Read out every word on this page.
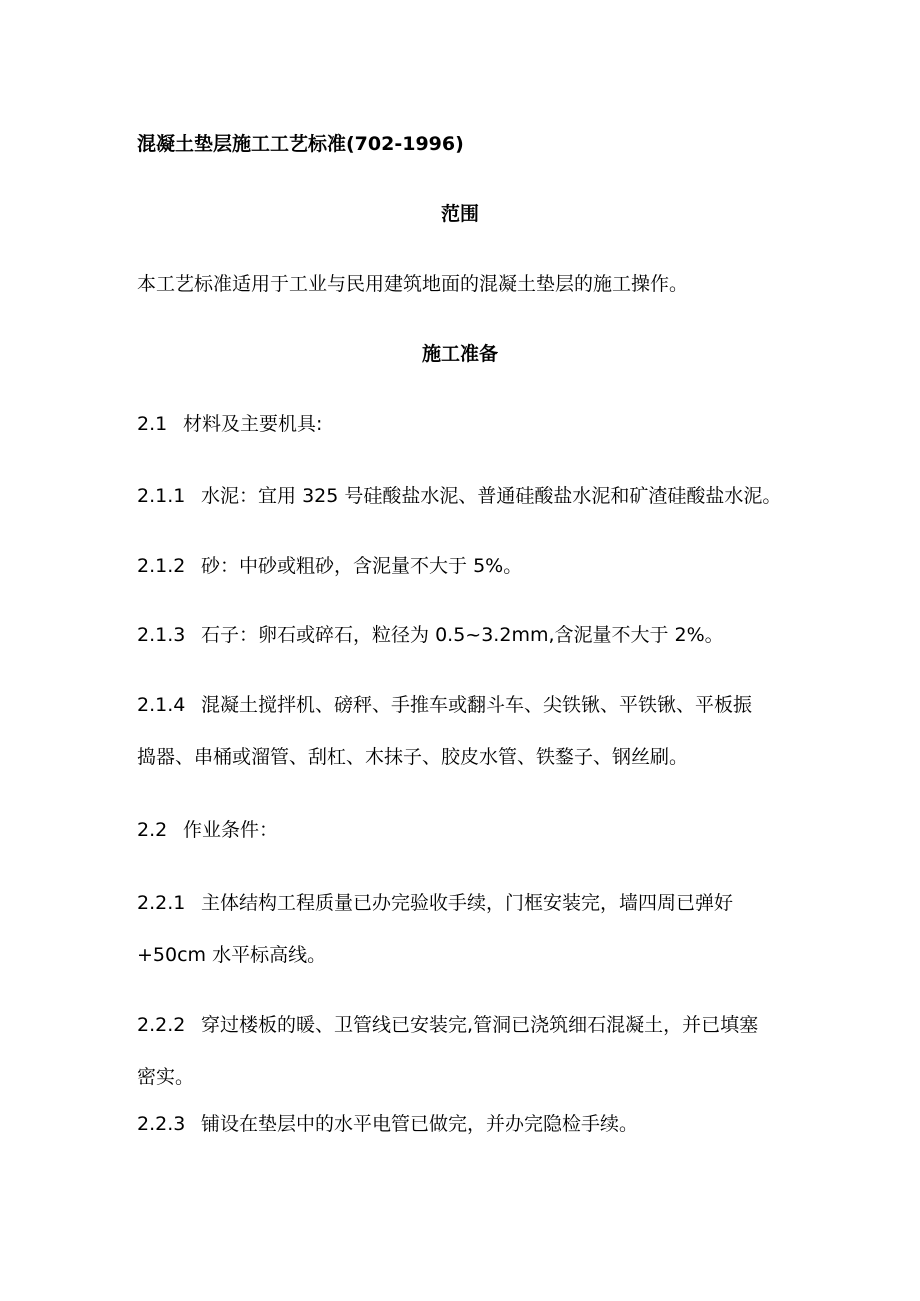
混凝土垫层施工工艺标准(702-1996)
范围
本工艺标准适用于工业与民用建筑地面的混凝土垫层的施工操作。
施工准备
2.1 材料及主要机具:
2.1.1 水泥：宜用 325 号硅酸盐水泥、普通硅酸盐水泥和矿渣硅酸盐水泥。
2.1.2 砂：中砂或粗砂，含泥量不大于 5%。
2.1.3 石子：卵石或碎石，粒径为 0.5~3.2mm,含泥量不大于 2%。
2.1.4 混凝土搅拌机、磅秤、手推车或翻斗车、尖铁锹、平铁锹、平板振
捣器、串桶或溜管、刮杠、木抹子、胶皮水管、铁鍪子、钢丝刷。
2.2 作业条件：
2.2.1 主体结构工程质量已办完验收手续，门框安装完，墙四周已弹好
+50cm 水平标高线。
2.2.2 穿过楼板的暖、卫管线已安装完,管洞已浇筑细石混凝土，并已填塞
密实。
2.2.3 铺设在垫层中的水平电管已做完，并办完隐检手续。
